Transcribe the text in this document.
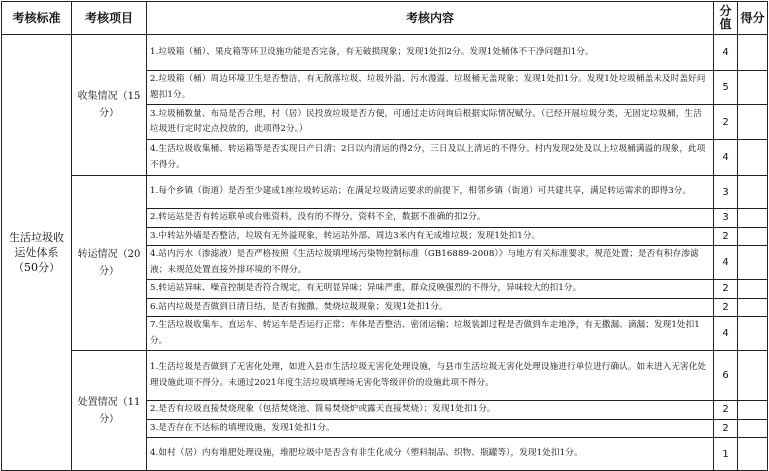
考核标准	考核项目	考核内容	分值	得分
生活垃圾收运处体系（50分）	收集情况（15分）	1.垃圾箱（桶）、果皮箱等环卫设施功能是否完备，有无破损现象；发现1处扣2分。发现1处桶体不干净问题扣1分。	4	
		2.垃圾箱（桶）周边环境卫生是否整洁，有无散落垃圾、垃圾外溢、污水漫溢、垃圾桶无盖现象；发现1处扣1分。发现1处垃圾桶盖未及时盖好问题扣1分。	5	
		3.垃圾桶数量、布局是否合理，村（居）民投放垃圾是否方便，可通过走访问询后根据实际情况赋分。（已经开展垃圾分类，无固定垃圾桶，生活垃圾进行定时定点投放的，此项得2分。）	2	
		4.生活垃圾收集桶、转运箱等是否实现日产日清；2日以内清运的得2分，三日及以上清运的不得分。村内发现2处及以上垃圾桶满溢的现象，此项不得分。	4	
	转运情况（20分）	1.每个乡镇（街道）是否至少建成1座垃圾转运站；在满足垃圾清运要求的前提下，相邻乡镇（街道）可共建共享，满足转运需求的即得3分。	3	
		2.转运站是否有转运联单或台账资料，没有的不得分，资料不全，数据不准确的扣2分。	3	
		3.中转站外墙是否整洁，垃圾有无外溢现象，转运站外部、周边3米内有无成堆垃圾；发现1处扣1分。	2	
		4.站内污水（渗滤液）是否严格按照《生活垃圾填埋场污染物控制标准（GB16889-2008）》与地方有关标准要求，规范处置；是否有积存渗滤液；未规范处置直接外排环境的不得分。	4	
		5.转运站异味、噪音控制是否符合规定，有无明显异味；异味严重，群众反映强烈的不得分，异味较大的扣1分。	2	
		6.站内垃圾是否做到日清日结，是否有抛撒、焚烧垃圾现象；发现1处扣1分。	2	
		7.生活垃圾收集车、直运车、转运车是否运行正常；车体是否整洁、密闭运输；垃圾装卸过程是否做到车走地净，有无撒漏、滴漏；发现1处扣1分。	4	
	处置情况（11分）	1.生活垃圾是否做到了无害化处理，如进入县市生活垃圾无害化处理设施，与县市生活垃圾无害化处理设施进行单位进行确认。如未进入无害化处理设施此项不得分。未通过2021年度生活垃圾填埋场无害化等级评价的设施此项不得分。	6	
		2.是否有垃圾直接焚烧现象（包括焚烧池、简易焚烧炉或露天直接焚烧）；发现1处扣1分。	2	
		3.是否存在不达标的填埋设施，发现1处扣1分。	2	
		4.如村（居）内有堆肥处理设施，堆肥垃圾中是否含有非生化成分（塑料制品、织物、瓶罐等），发现1处扣1分。	1	
